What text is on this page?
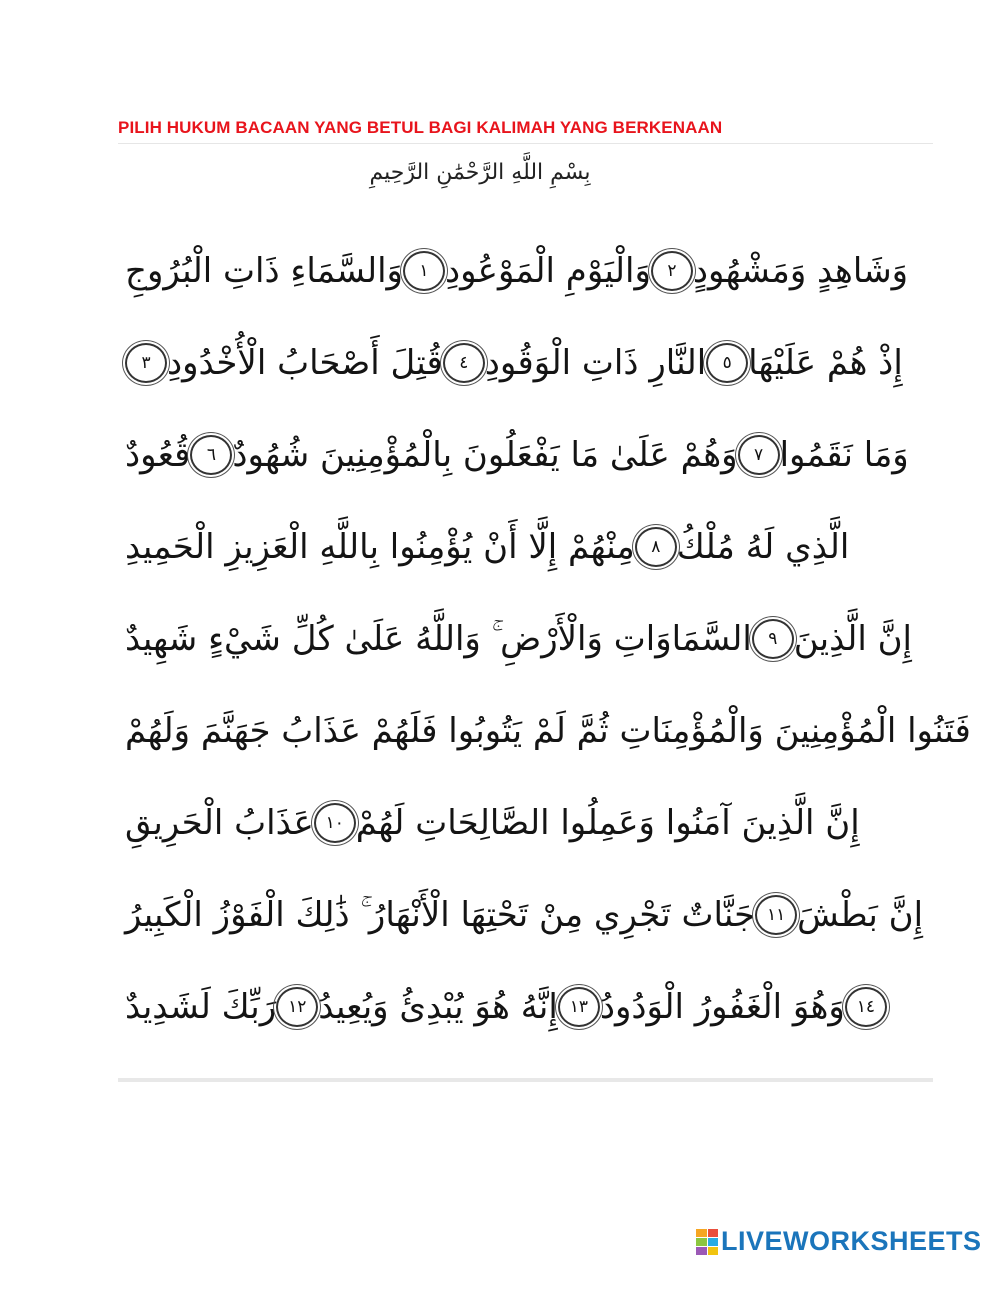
PILIH HUKUM BACAAN YANG BETUL BAGI KALIMAH YANG BERKENAAN
بِسْمِ اللَّهِ الرَّحْمَٰنِ الرَّحِيمِ
وَالسَّمَاءِ ذَاتِ الْبُرُوجِ ١ وَالْيَوْمِ الْمَوْعُودِ ٢ وَشَاهِدٍ وَمَشْهُودٍ
٣ قُتِلَ أَصْحَابُ الْأُخْدُودِ ٤ النَّارِ ذَاتِ الْوَقُودِ ٥ إِذْ هُمْ عَلَيْهَا
قُعُودٌ ٦ وَهُمْ عَلَىٰ مَا يَفْعَلُونَ بِالْمُؤْمِنِينَ شُهُودٌ ٧ وَمَا نَقَمُوا
مِنْهُمْ إِلَّا أَنْ يُؤْمِنُوا بِاللَّهِ الْعَزِيزِ الْحَمِيدِ ٨ الَّذِي لَهُ مُلْكُ
السَّمَاوَاتِ وَالْأَرْضِ ۚ وَاللَّهُ عَلَىٰ كُلِّ شَيْءٍ شَهِيدٌ ٩ إِنَّ الَّذِينَ
فَتَنُوا الْمُؤْمِنِينَ وَالْمُؤْمِنَاتِ ثُمَّ لَمْ يَتُوبُوا فَلَهُمْ عَذَابُ جَهَنَّمَ وَلَهُمْ
عَذَابُ الْحَرِيقِ ١٠ إِنَّ الَّذِينَ آمَنُوا وَعَمِلُوا الصَّالِحَاتِ لَهُمْ
جَنَّاتٌ تَجْرِي مِنْ تَحْتِهَا الْأَنْهَارُ ۚ ذَٰلِكَ الْفَوْزُ الْكَبِيرُ ١١ إِنَّ بَطْشَ
رَبِّكَ لَشَدِيدٌ ١٢ إِنَّهُ هُوَ يُبْدِئُ وَيُعِيدُ ١٣ وَهُوَ الْغَفُورُ الْوَدُودُ ١٤
LIVEWORKSHEETS
